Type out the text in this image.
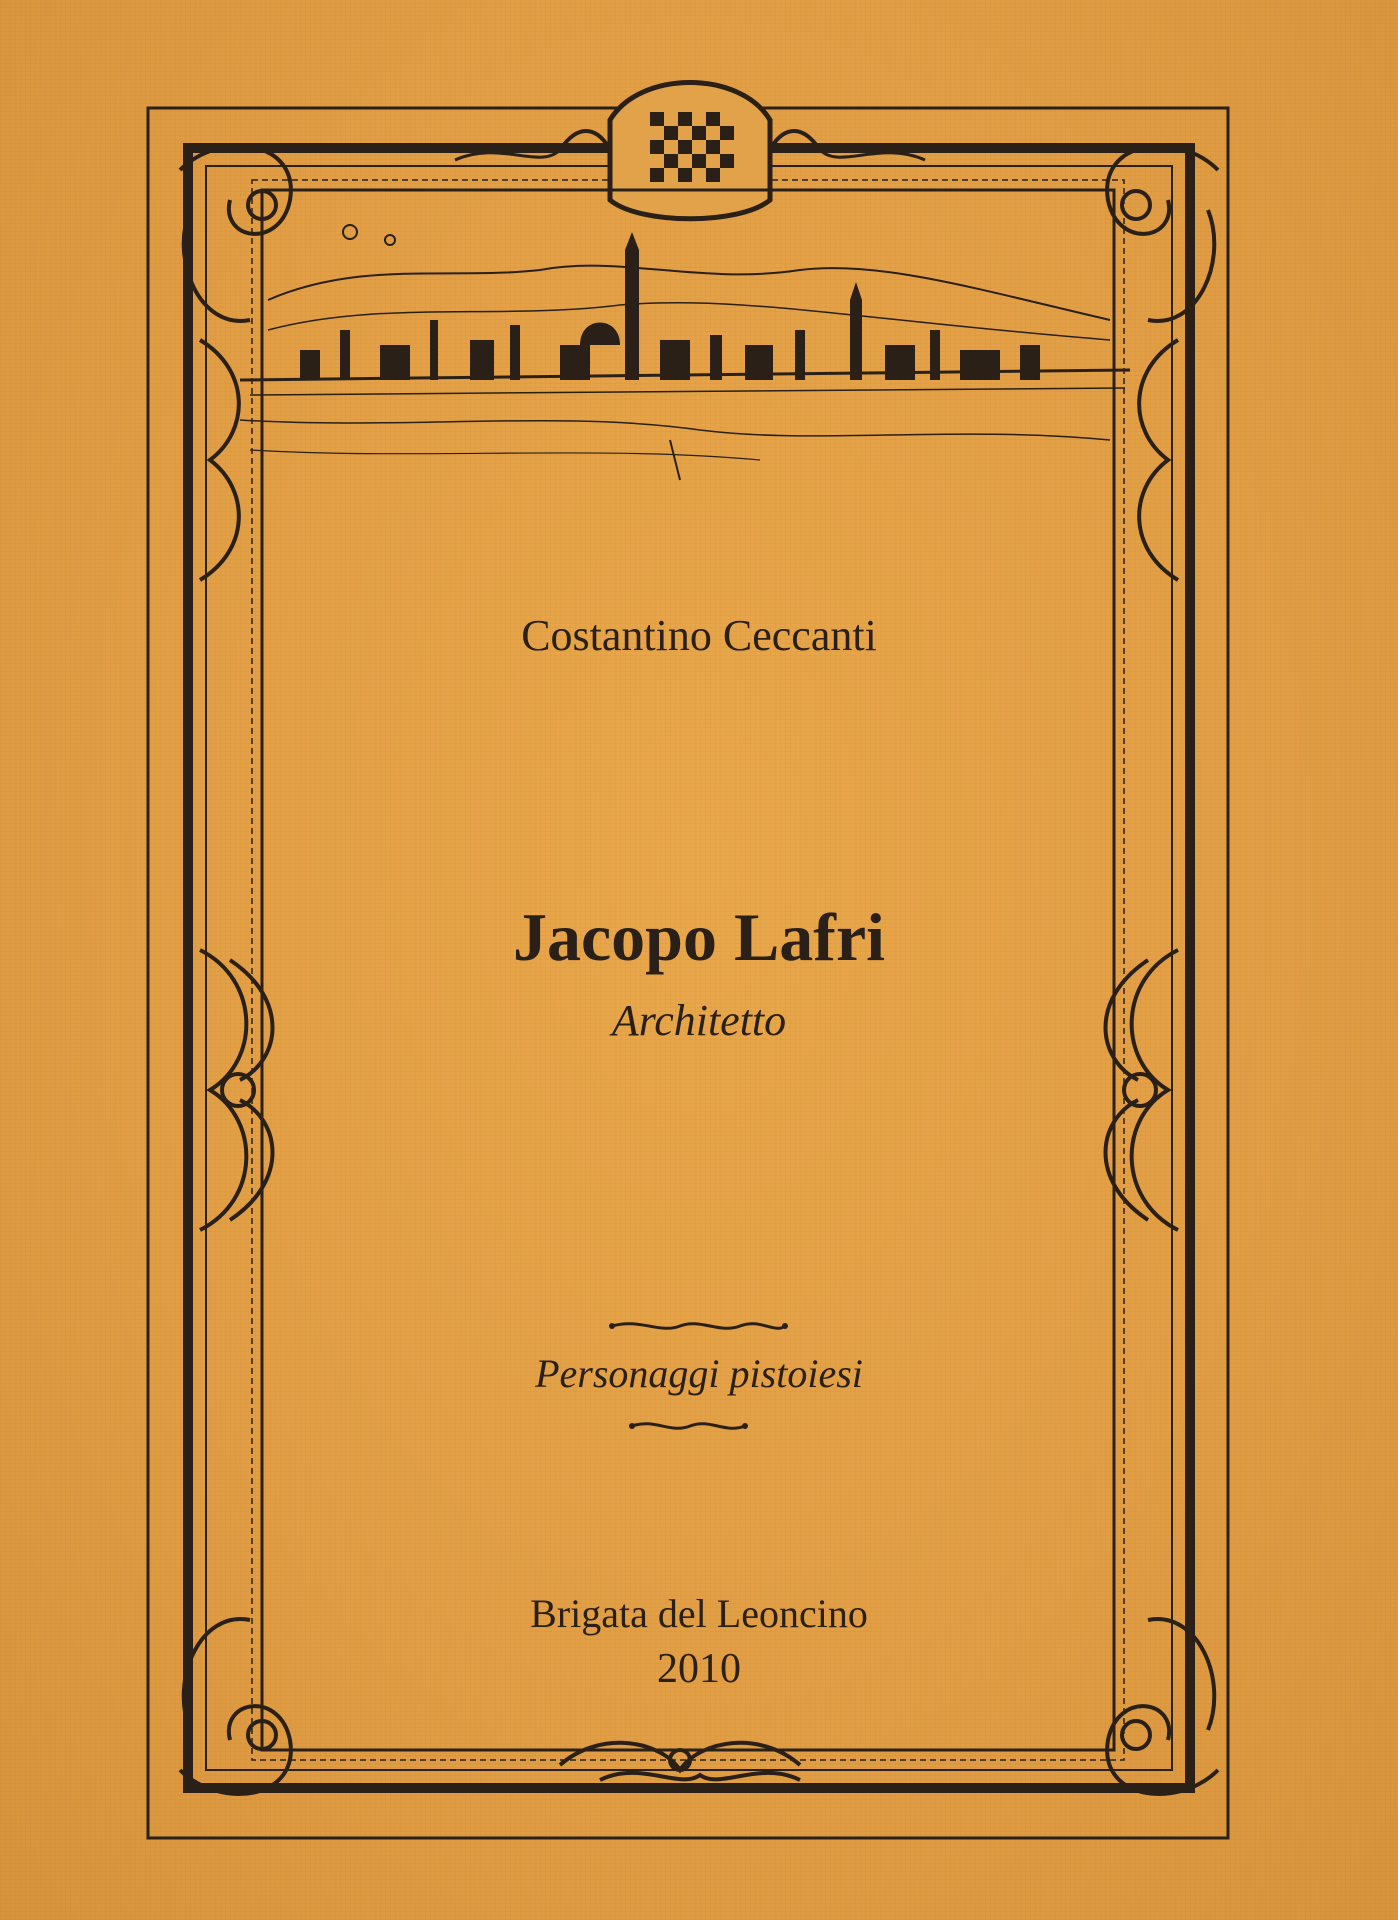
Costantino Ceccanti
Jacopo Lafri
Architetto
Personaggi pistoiesi
Brigata del Leoncino
2010
